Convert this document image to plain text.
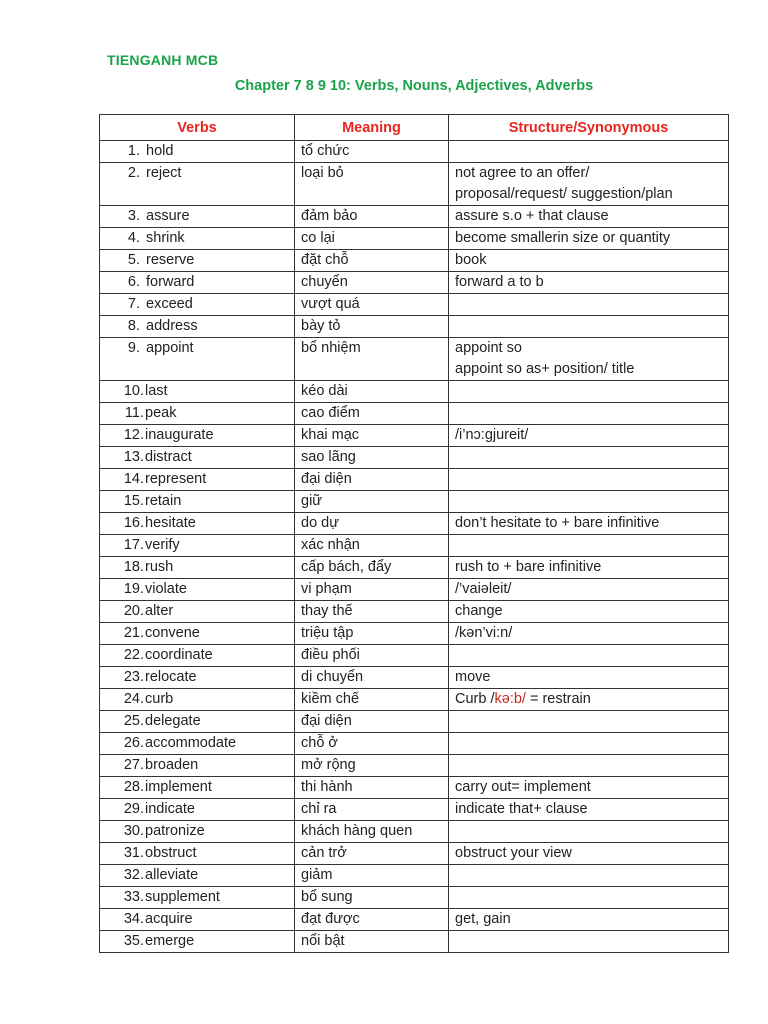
TIENGANH MCB
Chapter 7 8 9 10: Verbs, Nouns, Adjectives, Adverbs
Verbs	Meaning	Structure/Synonymous
1. hold	tổ chức	

2. reject	loại bỏ	not agree to an offer/
proposal/request/ suggestion/plan

3. assure	đảm bảo	assure s.o + that clause

4. shrink	co lại	become smallerin size or quantity

5. reserve	đặt chỗ	book

6. forward	chuyển	forward a to b

7. exceed	vượt quá	

8. address	bày tỏ	

9. appoint	bổ nhiệm	appoint so
appoint so as+ position/ title

10.last	kéo dài	

11.peak	cao điểm	

12.inaugurate	khai mạc	/i’nɔ:gjureit/

13.distract	sao lãng	

14.represent	đại diện	

15.retain	giữ	

16.hesitate	do dự	don’t hesitate to + bare infinitive

17.verify	xác nhận	

18.rush	cấp bách, đẩy	rush to + bare infinitive

19.violate	vi phạm	/’vaiəleit/

20.alter	thay thế	change

21.convene	triệu tập	/kən’vi:n/

22.coordinate	điều phối	

23.relocate	di chuyển	move

24.curb	kiềm chế	Curb /kə:b/ = restrain
25.delegate	đại diện	

26.accommodate	chỗ ở	

27.broaden	mở rộng	

28.implement	thi hành	carry out= implement

29.indicate	chỉ ra	indicate that+ clause

30.patronize	khách hàng quen	

31.obstruct	cản trở	obstruct your view

32.alleviate	giảm	

33.supplement	bổ sung	

34.acquire	đạt được	get, gain

35.emerge	nổi bật	
